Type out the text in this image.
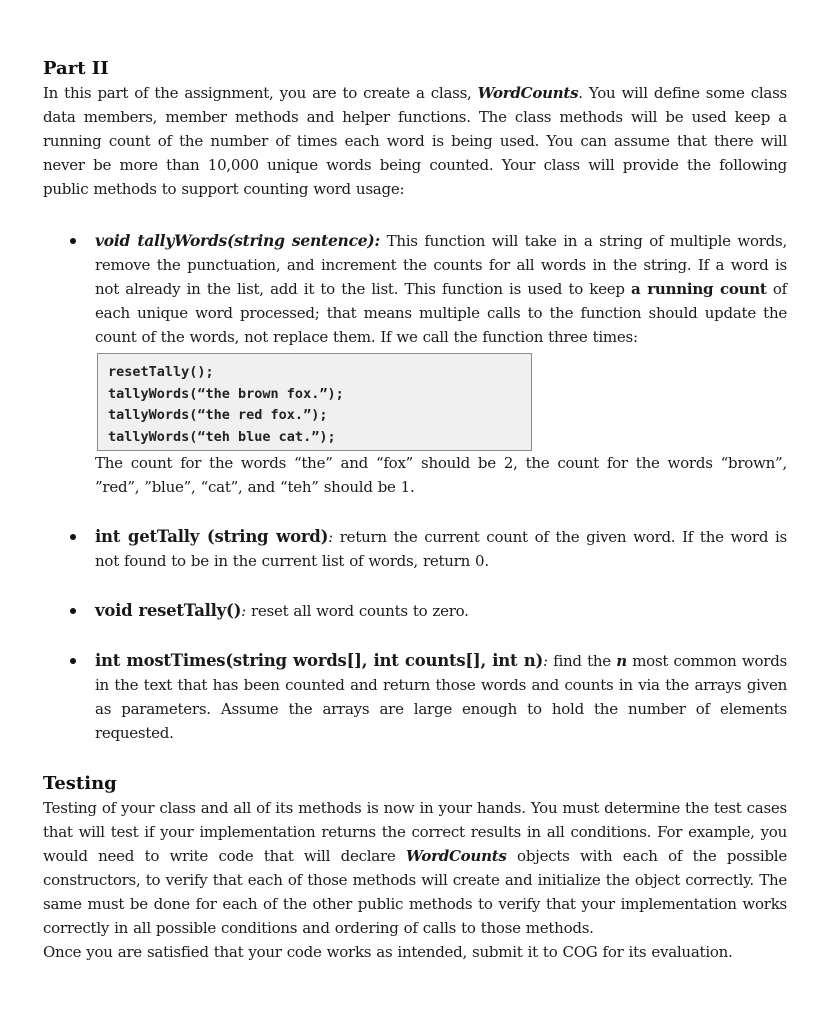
Part II

In this part of the assignment, you are to create a class, WordCounts. You will define some class data members, member methods and helper functions. The class methods will be used keep a running count of the number of times each word is being used. You can assume that there will never be more than 10,000 unique words being counted. Your class will provide the following public methods to support counting word usage:

void tallyWords(string sentence): This function will take in a string of multiple words, remove the punctuation, and increment the counts for all words in the string. If a word is not already in the list, add it to the list. This function is used to keep a running count of each unique word processed; that means multiple calls to the function should update the count of the words, not replace them. If we call the function three times:

resetTally();
tallyWords(“the brown fox.”);
tallyWords(“the red fox.”);
tallyWords(“teh blue cat.”);

The count for the words “the” and “fox” should be 2, the count for the words “brown”, ”red”, ”blue”, “cat”, and “teh” should be 1.

int getTally (string word): return the current count of the given word. If the word is not found to be in the current list of words, return 0.

void resetTally(): reset all word counts to zero.

int mostTimes(string words[], int counts[], int n): find the n most common words in the text that has been counted and return those words and counts in via the arrays given as parameters. Assume the arrays are large enough to hold the number of elements requested.

Testing

Testing of your class and all of its methods is now in your hands. You must determine the test cases that will test if your implementation returns the correct results in all conditions. For example, you would need to write code that will declare WordCounts objects with each of the possible constructors, to verify that each of those methods will create and initialize the object correctly. The same must be done for each of the other public methods to verify that your implementation works correctly in all possible conditions and ordering of calls to those methods.

Once you are satisfied that your code works as intended, submit it to COG for its evaluation.
